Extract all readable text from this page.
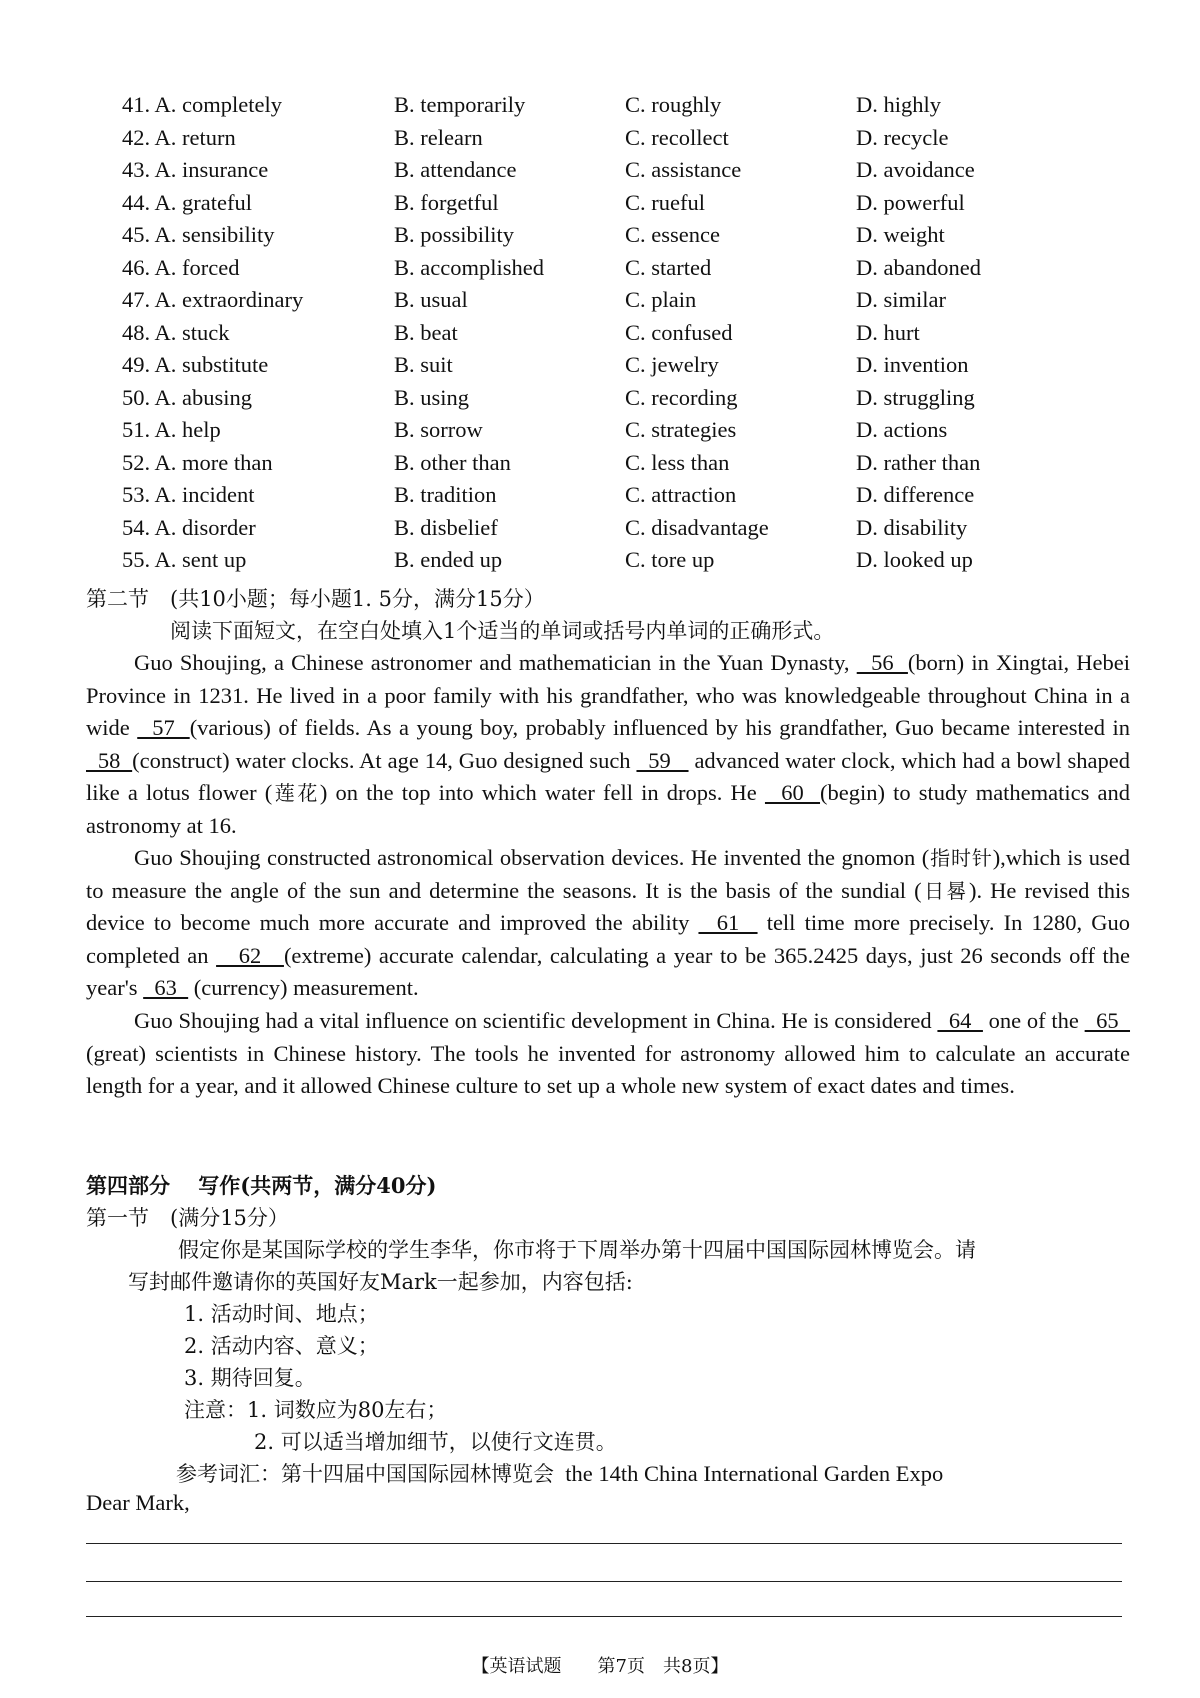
41. A. completely	B. temporarily	C. roughly	D. highly
42. A. return	B. relearn	C. recollect	D. recycle
43. A. insurance	B. attendance	C. assistance	D. avoidance
44. A. grateful	B. forgetful	C. rueful	D. powerful
45. A. sensibility	B. possibility	C. essence	D. weight
46. A. forced	B. accomplished	C. started	D. abandoned
47. A. extraordinary	B. usual	C. plain	D. similar
48. A. stuck	B. beat	C. confused	D. hurt
49. A. substitute	B. suit	C. jewelry	D. invention
50. A. abusing	B. using	C. recording	D. struggling
51. A. help	B. sorrow	C. strategies	D. actions
52. A. more than	B. other than	C. less than	D. rather than
53. A. incident	B. tradition	C. attraction	D. difference
54. A. disorder	B. disbelief	C. disadvantage	D. disability
55. A. sent up	B. ended up	C. tore up	D. looked up
第二节　(共10小题；每小题1. 5分，满分15分）
阅读下面短文，在空白处填入1个适当的单词或括号内单词的正确形式。
Guo Shoujing, a Chinese astronomer and mathematician in the Yuan Dynasty,   56  (born) in Xingtai, Hebei Province in 1231. He lived in a poor family with his grandfather, who was knowledgeable throughout China in a wide   57  (various) of fields. As a young boy, probably influenced by his grandfather, Guo became interested in   58  (construct) water clocks. At age 14, Guo designed such   59    advanced water clock, which had a bowl shaped like a lotus flower (莲花) on the top into which water fell in drops. He   60  (begin) to study mathematics and astronomy at 16.
Guo Shoujing constructed astronomical observation devices. He invented the gnomon (指时针),which is used to measure the angle of the sun and determine the seasons. It is the basis of the sundial (日晷). He revised this device to become much more accurate and improved the ability   61   tell time more precisely. In 1280, Guo completed an    62   (extreme) accurate calendar, calculating a year to be 365.2425 days, just 26 seconds off the year's   63   (currency) measurement.
Guo Shoujing had a vital influence on scientific development in China. He is considered   64   one of the   65   (great) scientists in Chinese history. The tools he invented for astronomy allowed him to calculate an accurate length for a year, and it allowed Chinese culture to set up a whole new system of exact dates and times.
第四部分　 写作(共两节，满分40分)
第一节　(满分15分）
假定你是某国际学校的学生李华，你市将于下周举办第十四届中国国际园林博览会。请
写封邮件邀请你的英国好友Mark一起参加，内容包括:
1. 活动时间、地点；
2. 活动内容、意义；
3. 期待回复。
注意：1. 词数应为80左右；
2. 可以适当增加细节，以使行文连贯。
参考词汇：第十四届中国国际园林博览会 the 14th China International Garden Expo
Dear Mark,
【英语试题　　第7页　共8页】
